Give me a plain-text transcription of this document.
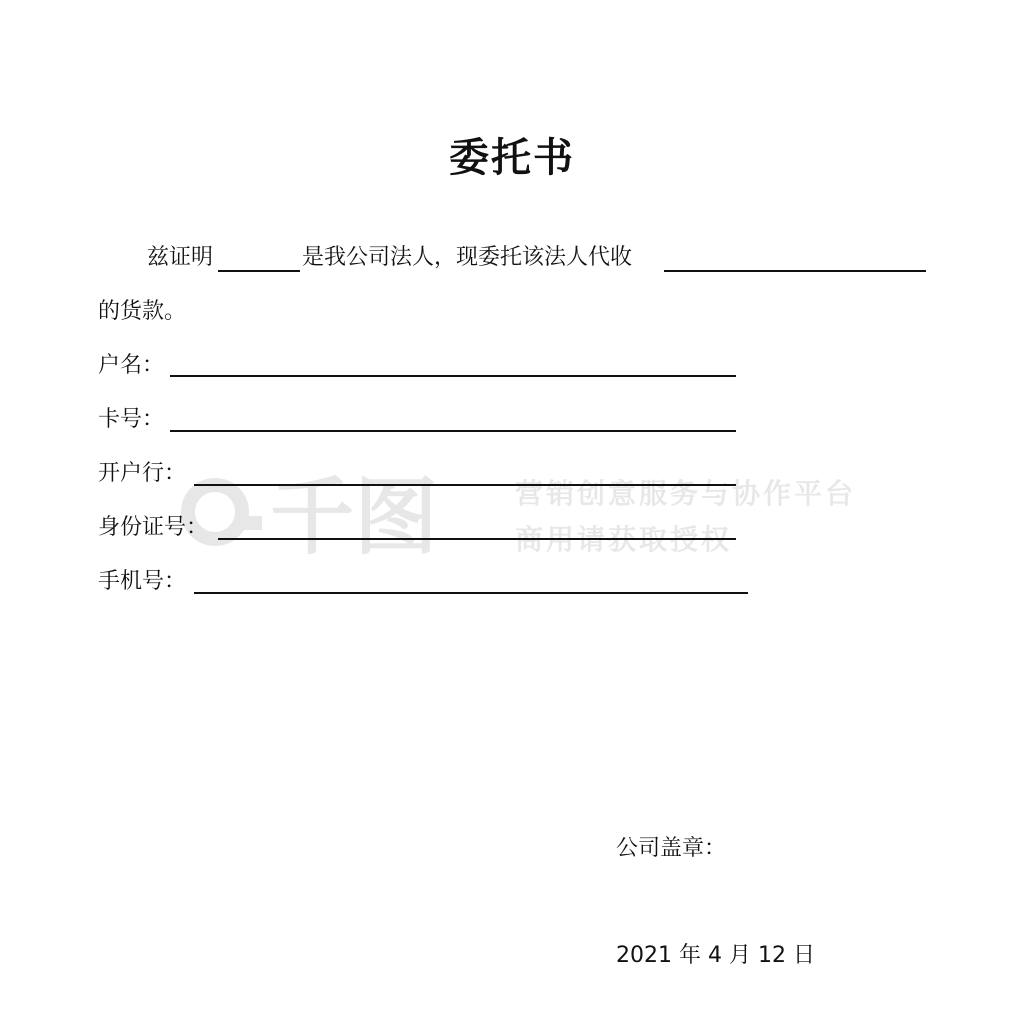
千图	营销创意服务与协作平台
商用请获取授权
委托书
兹证明	是我公司法人，现委托该法人代收
的货款。
户名：
卡号：
开户行：
身份证号：
手机号：
公司盖章：
2021 年 4 月 12 日
